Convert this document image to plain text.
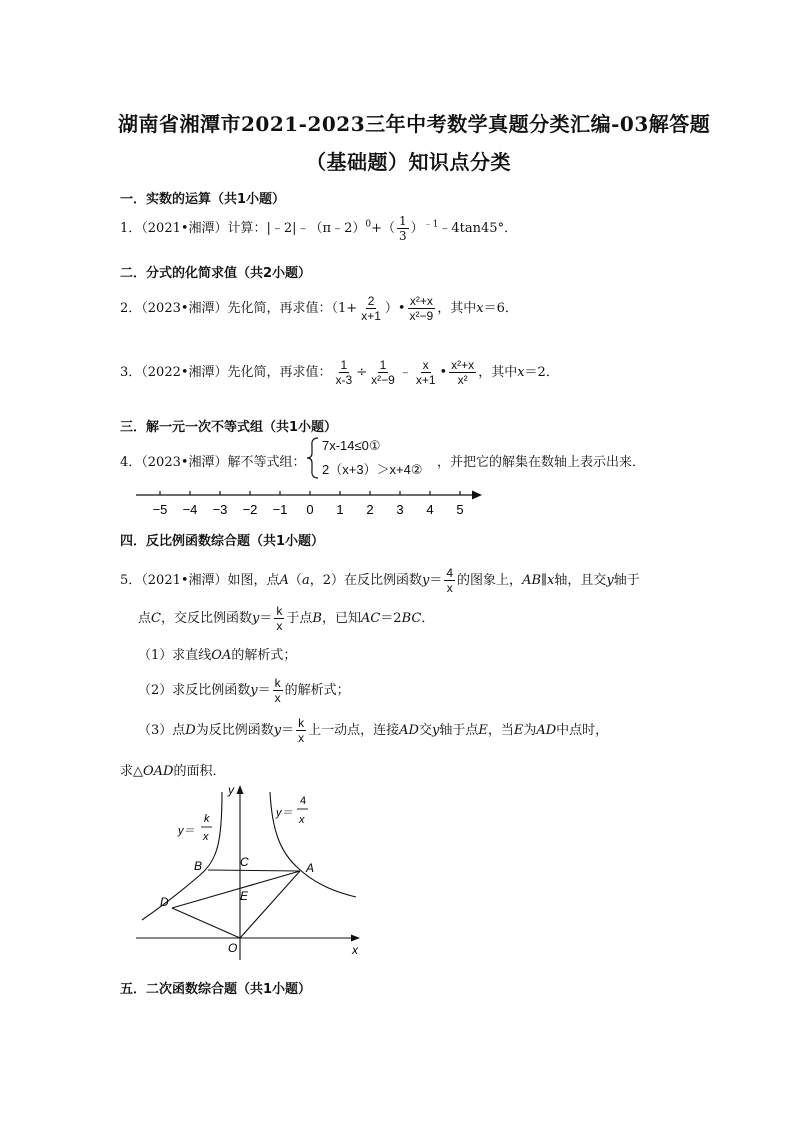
湖南省湘潭市2021-2023三年中考数学真题分类汇编-03解答题
（基础题）知识点分类
一．实数的运算（共1小题）
1．（2021•湘潭）计算：|﹣2|﹣（π﹣2）$^0$+（ $\frac{1}{3}$ ）$^{﹣1}$﹣4tan45°．
二．分式的化简求值（共2小题）
2．（2023•湘潭）先化简，再求值：（$1+ \frac{2}{x+1}$ ）• $\frac{\text{x²+x}}{\text{x²−9}}$ ，其中x＝6．
3．（2022•湘潭）先化简，再求值： $\frac{1}{x-3} \div \frac{1}{\text{x²−9}}$ ﹣ $\frac{x}{x+1}$ • $\frac{\text{x²+x}}{\text{x²}}$ ，其中x＝2．
三．解一元一次不等式组（共1小题）
4．（2023•湘潭）解不等式组：
7x-14≤0①
2（x+3）＞x+4② ，并把它的解集在数轴上表示出来．
−5 −4 −3 −2 −1 0 1 2 3 4 5
四．反比例函数综合题（共1小题）
5．（2021•湘潭）如图，点A（a，2）在反比例函数$y= \frac{4}{x}$ 的图象上，AB∥x轴，且交y轴于
点C，交反比例函数$y= \frac{k}{x}$ 于点B，已知AC＝2BC．
（1）求直线OA的解析式；
（2）求反比例函数$y= \frac{k}{x}$ 的解析式；
（3）点D为反比例函数$y= \frac{k}{x}$ 上一动点，连接AD交y轴于点E，当E为AD中点时，
求△OAD的面积．
y
x
O
A
B	C
D	E
y＝
k
x
y＝
4
x
五．二次函数综合题（共1小题）
